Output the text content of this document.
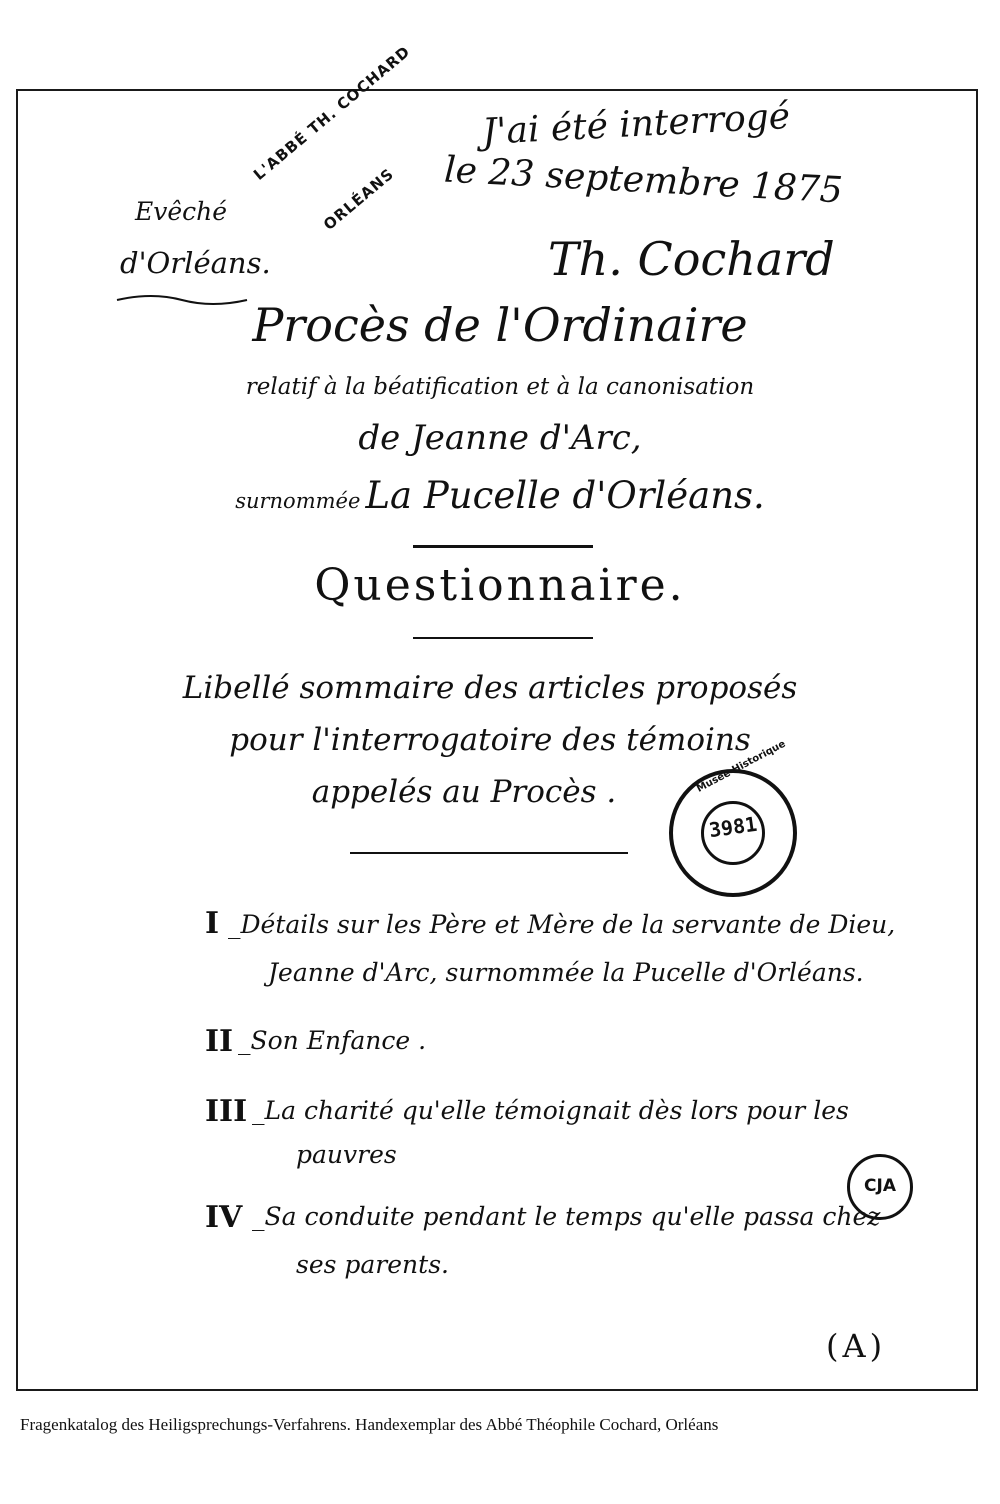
J'ai été interrogé
le 23 septembre 1875
Th. Cochard
Evêché
d'Orléans.
L'ABBÉ TH. COCHARD
ORLÉANS
Procès de l'Ordinaire
relatif à la béatification et à la canonisation
de Jeanne d'Arc,
surnommée La Pucelle d'Orléans.
Questionnaire.
Libellé sommaire des articles proposés
pour l'interrogatoire des témoins
appelés au Procès .
3981
Musée Historique
I _Détails sur les Père et Mère de la servante de Dieu,
Jeanne d'Arc, surnommée la Pucelle d'Orléans.
II _Son Enfance .
III _La charité qu'elle témoignait dès lors pour les
pauvres
IV _Sa conduite pendant le temps qu'elle passa chez
ses parents.
CJA
(A)
Fragenkatalog des Heiligsprechungs-Verfahrens. Handexemplar des Abbé Théophile Cochard, Orléans
